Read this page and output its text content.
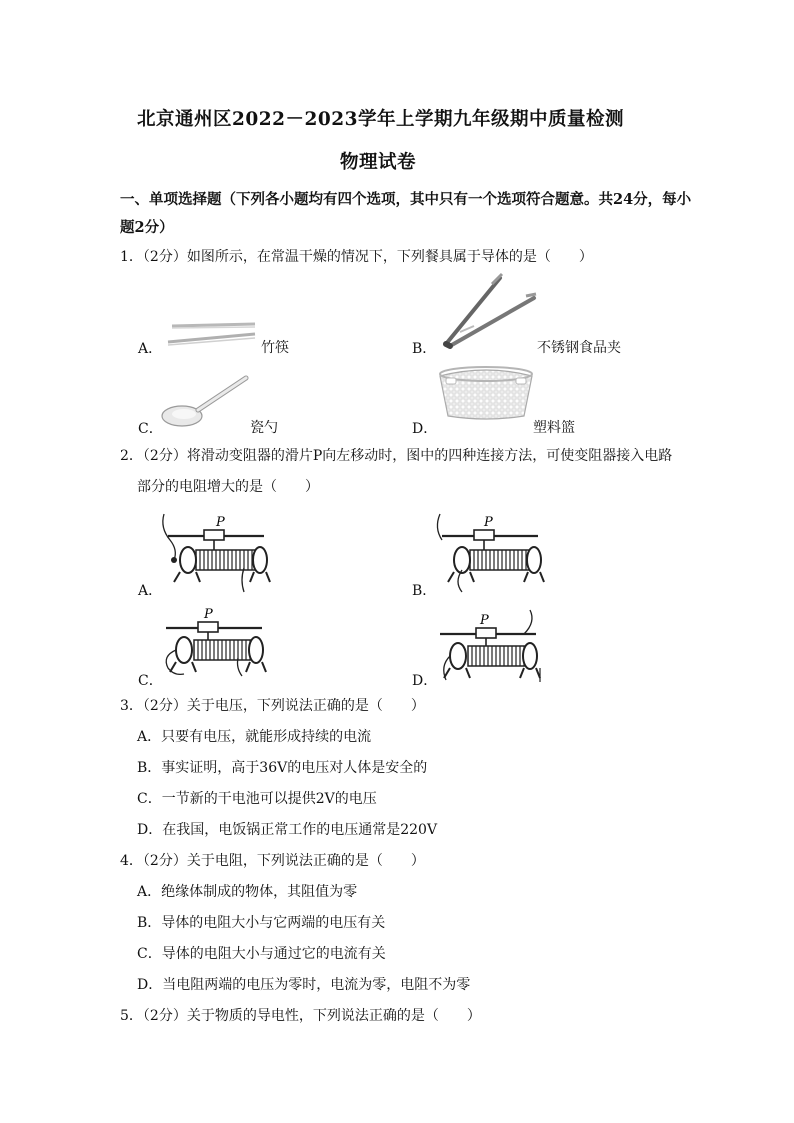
北京通州区2022－2023学年上学期九年级期中质量检测
物理试卷
一、单项选择题（下列各小题均有四个选项，其中只有一个选项符合题意。共24分，每小
题2分）
1．（2分）如图所示，在常温干燥的情况下，下列餐具属于导体的是（　　）
A．	竹筷	B．	不锈钢食品夹
C．	瓷勺	D．	塑料篮
2．（2分）将滑动变阻器的滑片P向左移动时，图中的四种连接方法，可使变阻器接入电路
部分的电阻增大的是（　　）
A．
P
B．
P
C．
P
D．
P
3．（2分）关于电压，下列说法正确的是（　　）
A．只要有电压，就能形成持续的电流
B．事实证明，高于36V的电压对人体是安全的
C．一节新的干电池可以提供2V的电压
D．在我国，电饭锅正常工作的电压通常是220V
4．（2分）关于电阻，下列说法正确的是（　　）
A．绝缘体制成的物体，其阻值为零
B．导体的电阻大小与它两端的电压有关
C．导体的电阻大小与通过它的电流有关
D．当电阻两端的电压为零时，电流为零，电阻不为零
5．（2分）关于物质的导电性，下列说法正确的是（　　）
